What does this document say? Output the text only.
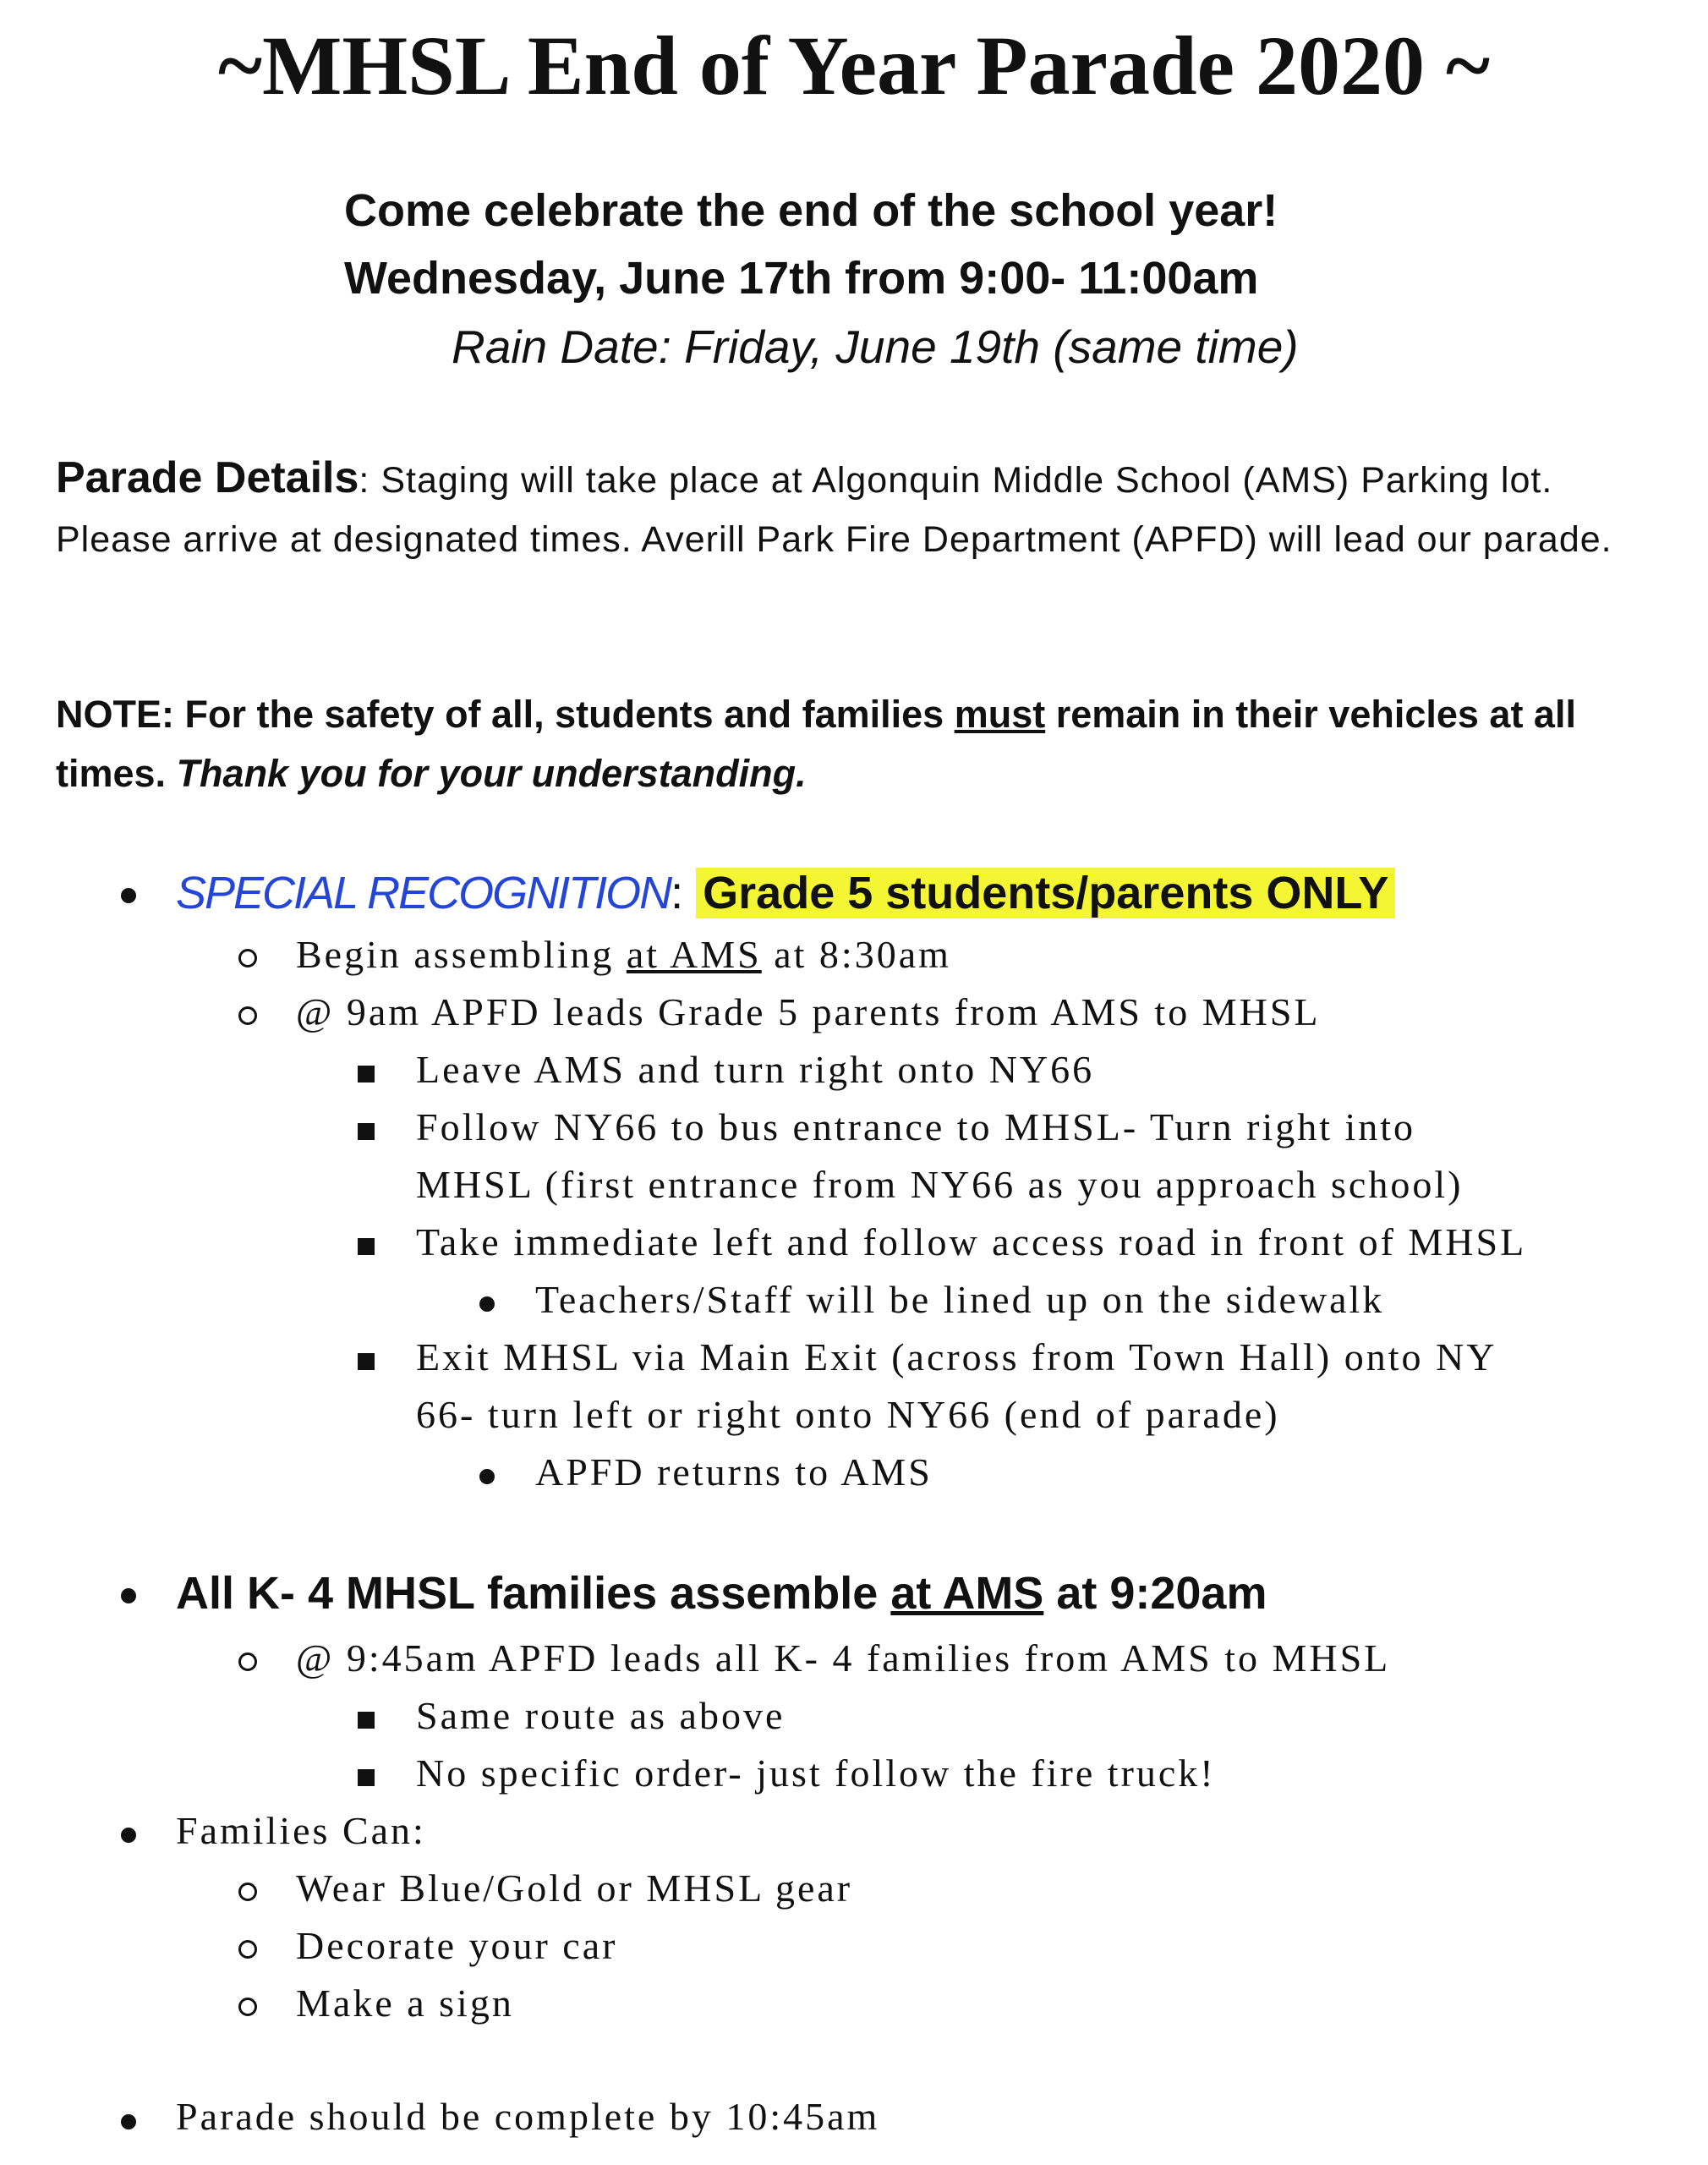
~MHSL End of Year Parade 2020 ~
Come celebrate the end of the school year!
Wednesday, June 17th from 9:00- 11:00am
Rain Date: Friday, June 19th (same time)
Parade Details: Staging will take place at Algonquin Middle School (AMS) Parking lot. Please arrive at designated times. Averill Park Fire Department (APFD) will lead our parade.
NOTE: For the safety of all, students and families must remain in their vehicles at all times. Thank you for your understanding.
SPECIAL RECOGNITION: Grade 5 students/parents ONLY
Begin assembling at AMS at 8:30am
@ 9am APFD leads Grade 5 parents from AMS to MHSL
Leave AMS and turn right onto NY66
Follow NY66 to bus entrance to MHSL- Turn right into
MHSL (first entrance from NY66 as you approach school)
Take immediate left and follow access road in front of MHSL
Teachers/Staff will be lined up on the sidewalk
Exit MHSL via Main Exit (across from Town Hall) onto NY
66- turn left or right onto NY66 (end of parade)
APFD returns to AMS
All K- 4 MHSL families assemble at AMS at 9:20am
@ 9:45am APFD leads all K- 4 families from AMS to MHSL
Same route as above
No specific order- just follow the fire truck!
Families Can:
Wear Blue/Gold or MHSL gear
Decorate your car
Make a sign
Parade should be complete by 10:45am
